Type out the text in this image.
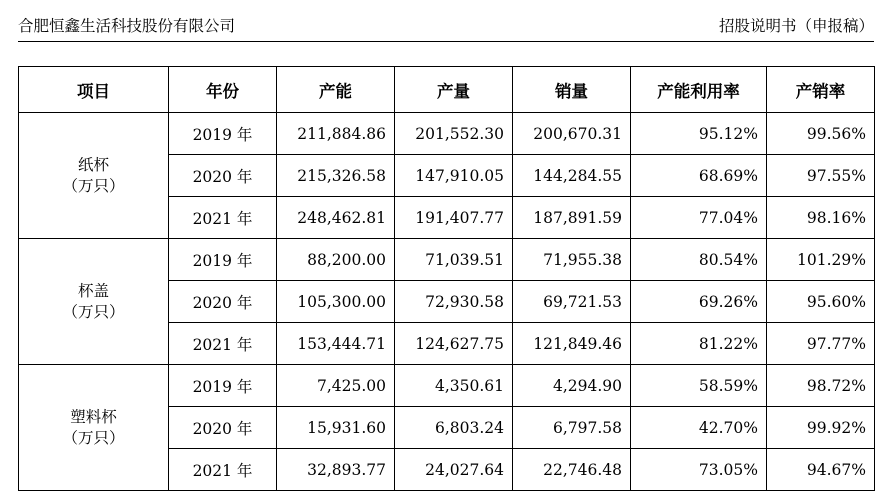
合肥恒鑫生活科技股份有限公司	招股说明书（申报稿）
项目	年份	产能	产量	销量	产能利用率	产销率
纸杯
（万只）	2019 年	211,884.86	201,552.30	200,670.31	95.12%	99.56%
	2020 年	215,326.58	147,910.05	144,284.55	68.69%	97.55%
	2021 年	248,462.81	191,407.77	187,891.59	77.04%	98.16%
杯盖
（万只）	2019 年	88,200.00	71,039.51	71,955.38	80.54%	101.29%
	2020 年	105,300.00	72,930.58	69,721.53	69.26%	95.60%
	2021 年	153,444.71	124,627.75	121,849.46	81.22%	97.77%
塑料杯
（万只）	2019 年	7,425.00	4,350.61	4,294.90	58.59%	98.72%
	2020 年	15,931.60	6,803.24	6,797.58	42.70%	99.92%
	2021 年	32,893.77	24,027.64	22,746.48	73.05%	94.67%
